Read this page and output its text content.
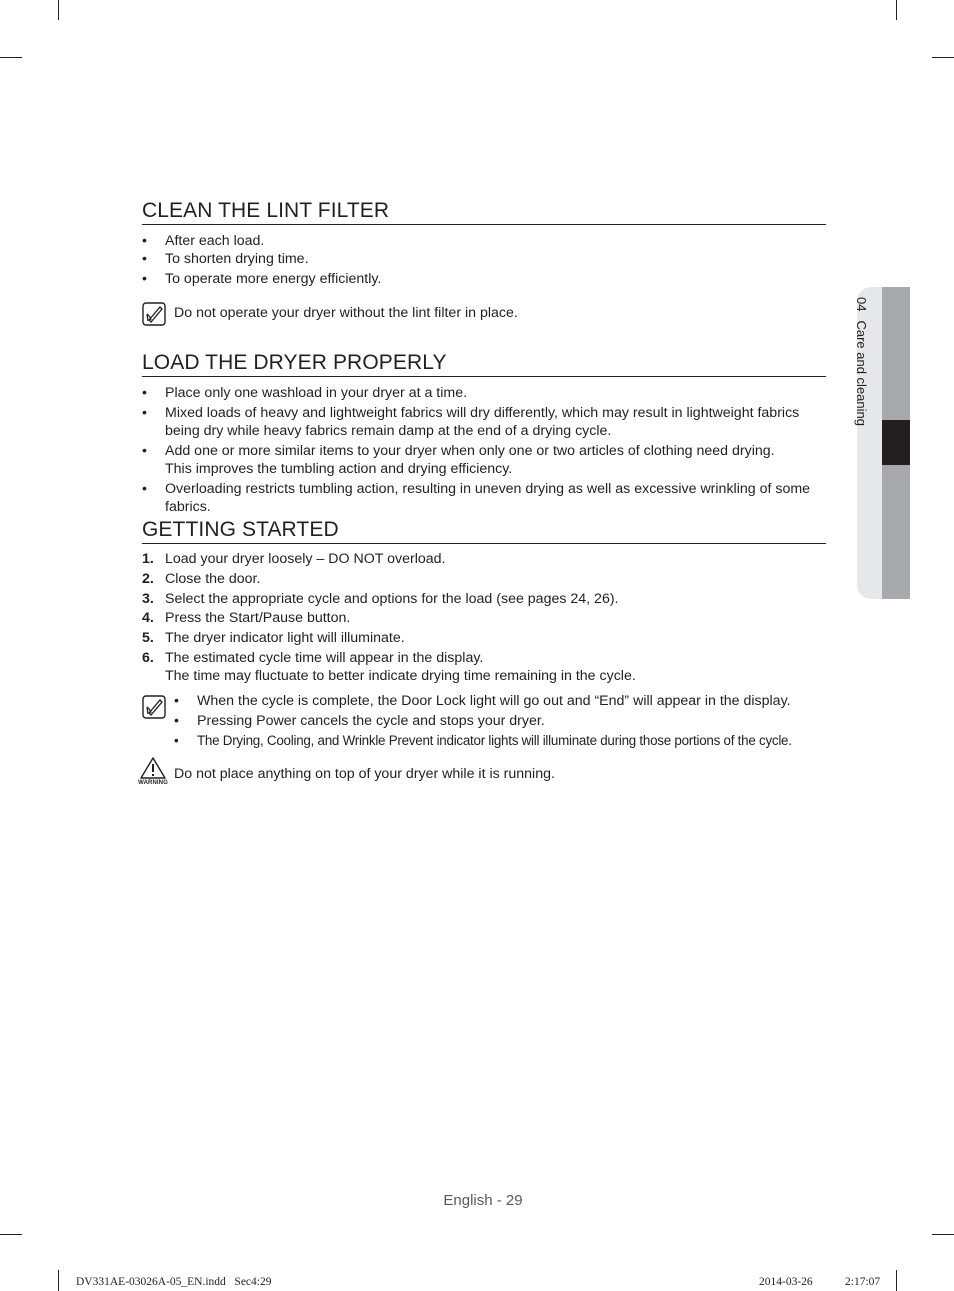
04Care and cleaning
CLEAN THE LINT FILTER
• After each load.
• To shorten drying time.
• To operate more energy efficiently.
Do not operate your dryer without the lint filter in place.
LOAD THE DRYER PROPERLY
• Place only one washload in your dryer at a time.
• Mixed loads of heavy and lightweight fabrics will dry differently, which may result in lightweight fabrics being dry while heavy fabrics remain damp at the end of a drying cycle.
• Add one or more similar items to your dryer when only one or two articles of clothing need drying. This improves the tumbling action and drying efficiency.
• Overloading restricts tumbling action, resulting in uneven drying as well as excessive wrinkling of some fabrics.
GETTING STARTED
1. Load your dryer loosely – DO NOT overload.
2. Close the door.
3. Select the appropriate cycle and options for the load (see pages 24, 26).
4. Press the Start/Pause button.
5. The dryer indicator light will illuminate.
6. The estimated cycle time will appear in the display.
The time may fluctuate to better indicate drying time remaining in the cycle.
• When the cycle is complete, the Door Lock light will go out and “End” will appear in the display.
• Pressing Power cancels the cycle and stops your dryer.
• The Drying, Cooling, and Wrinkle Prevent indicator lights will illuminate during those portions of the cycle.
WARNING
Do not place anything on top of your dryer while it is running.
English - 29
DV331AE-03026A-05_EN.indd   Sec4:29	2014-03-26	2:17:07
